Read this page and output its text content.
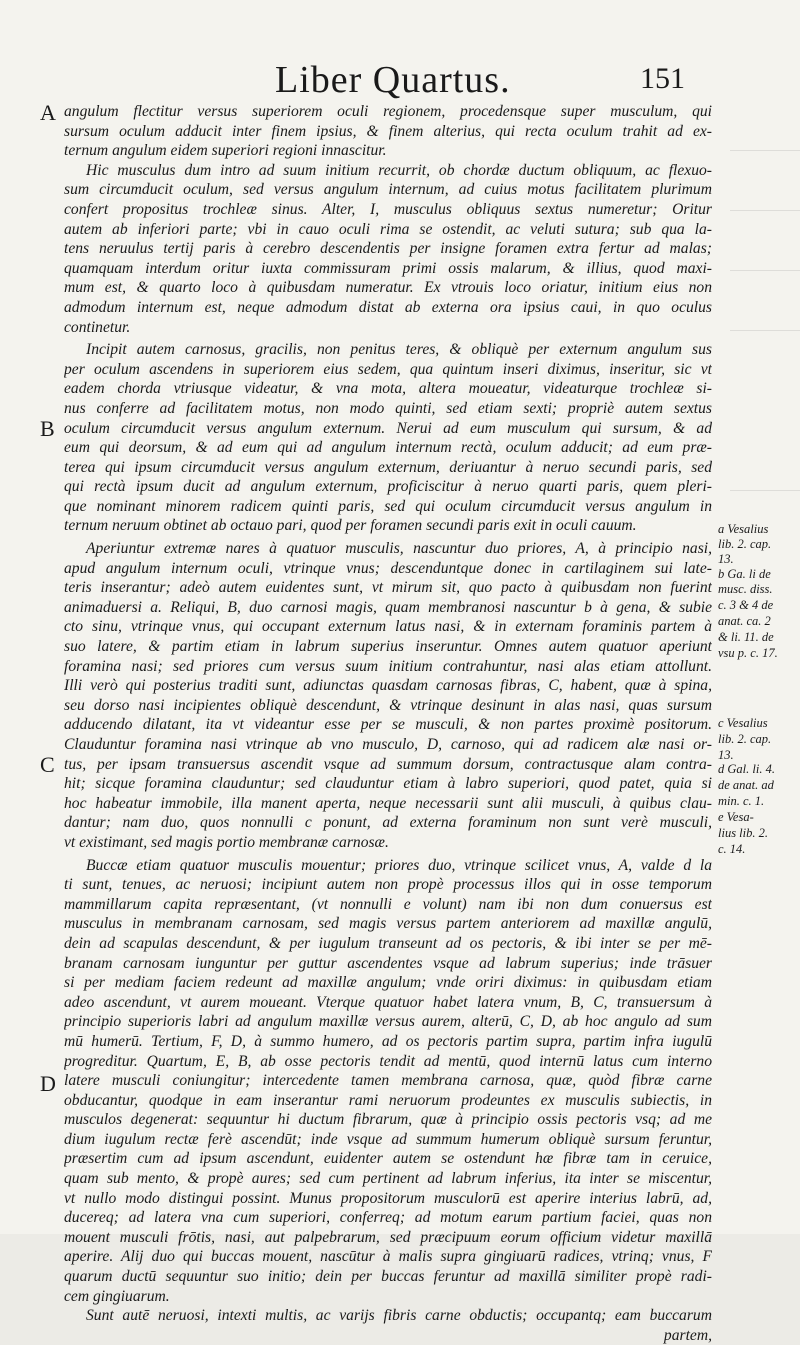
Liber Quartus.	151
A angulum flectitur versus superiorem oculi regionem, procedensque super musculum, qui
sursum oculum adducit inter finem ipsius, & finem alterius, qui recta oculum trahit ad ex-
ternum angulum eidem superiori regioni innascitur.
Hic musculus dum intro ad suum initium recurrit, ob chordæ ductum obliquum, ac flexuo-
sum circumducit oculum, sed versus angulum internum, ad cuius motus facilitatem plurimum
confert propositus trochleæ sinus. Alter, I, musculus obliquus sextus numeretur; Oritur
autem ab inferiori parte; vbi in cauo oculi rima se ostendit, ac veluti sutura; sub qua la-
tens neruulus tertij paris à cerebro descendentis per insigne foramen extra fertur ad malas;
quamquam interdum oritur iuxta commissuram primi ossis malarum, & illius, quod maxi-
mum est, & quarto loco à quibusdam numeratur. Ex vtrouis loco oriatur, initium eius non
admodum internum est, neque admodum distat ab externa ora ipsius caui, in quo oculus
continetur.
B
Incipit autem carnosus, gracilis, non penitus teres, & obliquè per externum angulum sus
per oculum ascendens in superiorem eius sedem, qua quintum inseri diximus, inseritur, sic vt
eadem chorda vtriusque videatur, & vna mota, altera moueatur, videaturque trochleæ si-
nus conferre ad facilitatem motus, non modo quinti, sed etiam sexti; propriè autem sextus
oculum circumducit versus angulum externum. Nerui ad eum musculum qui sursum, & ad
eum qui deorsum, & ad eum qui ad angulum internum rectà, oculum adducit; ad eum præ-
terea qui ipsum circumducit versus angulum externum, deriuantur à neruo secundi paris, sed
qui rectà ipsum ducit ad angulum externum, proficiscitur à neruo quarti paris, quem pleri-
que nominant minorem radicem quinti paris, sed qui oculum circumducit versus angulum in
ternum neruum obtinet ab octauo pari, quod per foramen secundi paris exit in oculi cauum.
C
Aperiuntur extremæ nares à quatuor musculis, nascuntur duo priores, A, à principio nasi,
apud angulum internum oculi, vtrinque vnus; descenduntque donec in cartilaginem sui late-
teris inserantur; adeò autem euidentes sunt, vt mirum sit, quo pacto à quibusdam non fuerint
animaduersi a. Reliqui, B, duo carnosi magis, quam membranosi nascuntur b à gena, & subie
cto sinu, vtrinque vnus, qui occupant externum latus nasi, & in externam foraminis partem à
suo latere, & partim etiam in labrum superius inseruntur. Omnes autem quatuor aperiunt
foramina nasi; sed priores cum versus suum initium contrahuntur, nasi alas etiam attollunt.
Illi verò qui posterius traditi sunt, adiunctas quasdam carnosas fibras, C, habent, quæ à spina,
seu dorso nasi incipientes obliquè descendunt, & vtrinque desinunt in alas nasi, quas sursum
adducendo dilatant, ita vt videantur esse per se musculi, & non partes proximè positorum.
Clauduntur foramina nasi vtrinque ab vno musculo, D, carnoso, qui ad radicem alæ nasi or-
tus, per ipsam transuersus ascendit vsque ad summum dorsum, contractusque alam contra-
hit; sicque foramina clauduntur; sed clauduntur etiam à labro superiori, quod patet, quia si
hoc habeatur immobile, illa manent aperta, neque necessarii sunt alii musculi, à quibus clau-
dantur; nam duo, quos nonnulli c ponunt, ad externa foraminum non sunt verè musculi,
vt existimant, sed magis portio membranæ carnosæ.
D
Buccæ etiam quatuor musculis mouentur; priores duo, vtrinque scilicet vnus, A, valde d la
ti sunt, tenues, ac neruosi; incipiunt autem non propè processus illos qui in osse temporum
mammillarum capita repræsentant, (vt nonnulli e volunt) nam ibi non dum conuersus est
musculus in membranam carnosam, sed magis versus partem anteriorem ad maxillæ angulū,
dein ad scapulas descendunt, & per iugulum transeunt ad os pectoris, & ibi inter se per mē-
branam carnosam iunguntur per guttur ascendentes vsque ad labrum superius; inde trāsuer
si per mediam faciem redeunt ad maxillæ angulum; vnde oriri diximus: in quibusdam etiam
adeo ascendunt, vt aurem moueant. Vterque quatuor habet latera vnum, B, C, transuersum à
principio superioris labri ad angulum maxillæ versus aurem, alterū, C, D, ab hoc angulo ad sum
mū humerū. Tertium, F, D, à summo humero, ad os pectoris partim supra, partim infra iugulū
progreditur. Quartum, E, B, ab osse pectoris tendit ad mentū, quod internū latus cum interno
latere musculi coniungitur; intercedente tamen membrana carnosa, quæ, quòd fibræ carne
obducantur, quodque in eam inserantur rami neruorum prodeuntes ex musculis subiectis, in
musculos degenerat: sequuntur hi ductum fibrarum, quæ à principio ossis pectoris vsq; ad me
dium iugulum rectæ ferè ascendūt; inde vsque ad summum humerum obliquè sursum feruntur,
præsertim cum ad ipsum ascendunt, euidenter autem se ostendunt hæ fibræ tam in ceruice,
quam sub mento, & propè aures; sed cum pertinent ad labrum inferius, ita inter se miscentur,
vt nullo modo distingui possint. Munus propositorum musculorū est aperire interius labrū, ad,
ducereq; ad latera vna cum superiori, conferreq; ad motum earum partium faciei, quas non
mouent musculi frōtis, nasi, aut palpebrarum, sed præcipuum eorum officium videtur maxillā
aperire. Alij duo qui buccas mouent, nascūtur à malis supra gingiuarū radices, vtrinq; vnus, F
quarum ductū sequuntur suo initio; dein per buccas feruntur ad maxillā similiter propè radi-
cem gingiuarum.
Sunt autē neruosi, intexti multis, ac varijs fibris carne obductis; occupantq; eam buccarum
partem,
a Vesalius
lib. 2. cap.
13.
b Ga. li de
musc. diss.
c. 3 & 4 de
anat. ca. 2
& li. 11. de
vsu p. c. 17.
c Vesalius
lib. 2. cap.
13.
d Gal. li. 4.
de anat. ad
min. c. 1.
e Vesa-
lius lib. 2.
c. 14.
